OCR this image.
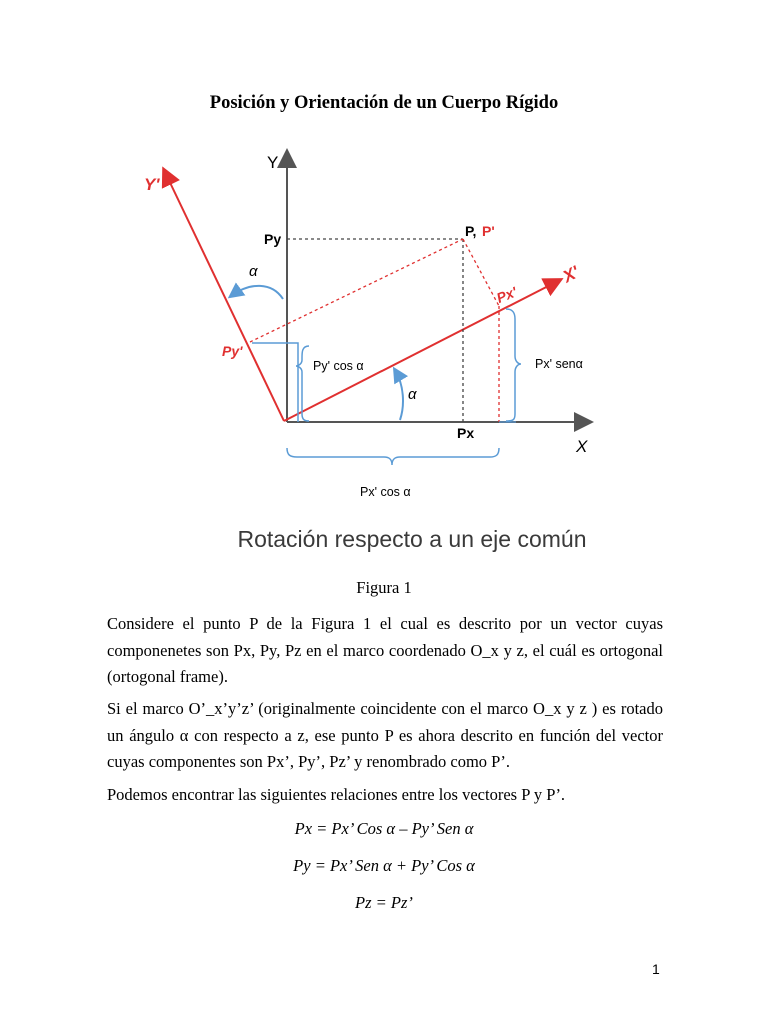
Posición y Orientación de un Cuerpo Rígido
Y
X
Y'
X'
Py
Px
P, P'
Py'
Px'
α
α
Py' cos α	Px' senα
Px' cos α
Rotación respecto a un eje común
Figura 1
Considere el punto P de la Figura 1 el cual es descrito por un vector cuyas componenetes son Px, Py, Pz en el marco coordenado O_x y z, el cuál es ortogonal (ortogonal frame).
Si el marco O’_x’y’z’ (originalmente coincidente con el marco O_x y z ) es rotado un ángulo α con respecto a z, ese punto P es ahora descrito en función del vector cuyas componentes son Px’, Py’, Pz’ y renombrado como P’.
Podemos encontrar las siguientes relaciones entre los vectores P y P’.
Px = Px’ Cos α – Py’ Sen α
Py = Px’ Sen α + Py’ Cos α
Pz = Pz’
1
